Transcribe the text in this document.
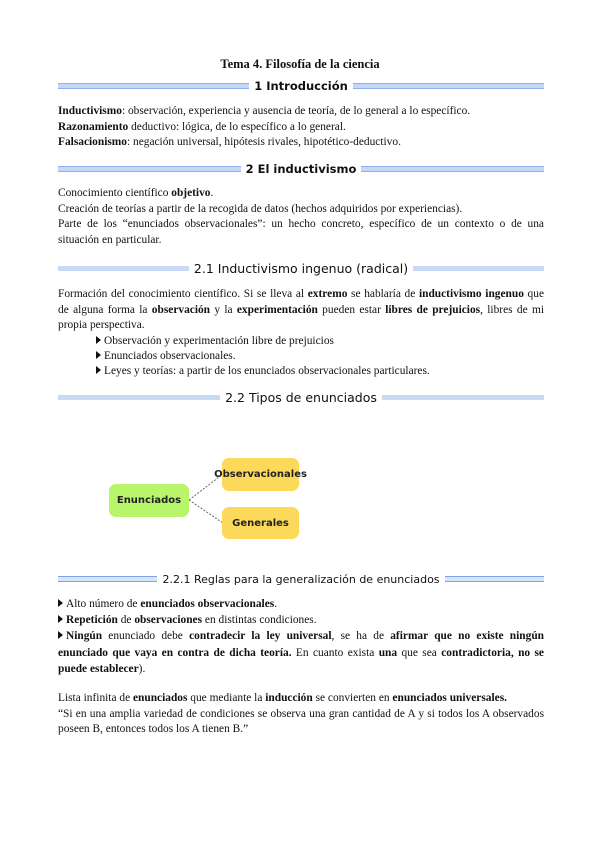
Tema 4. Filosofía de la ciencia
1 Introducción

Inductivismo: observación, experiencia y ausencia de teoría, de lo general a lo específico.

Razonamiento deductivo: lógica, de lo específico a lo general.

Falsacionismo: negación universal, hipótesis rivales, hipotético-deductivo.

2 El inductivismo

Conocimiento científico objetivo.

Creación de teorías a partir de la recogida de datos (hechos adquiridos por experiencias).

Parte de los “enunciados observacionales”: un hecho concreto, específico de un contexto o de una situación en particular.

2.1 Inductivismo ingenuo (radical)

Formación del conocimiento científico. Si se lleva al extremo se hablaría de inductivismo ingenuo que de alguna forma la observación y la experimentación pueden estar libres de prejuicios, libres de mi propia perspectiva.

Observación y experimentación libre de prejuicios
Enunciados observacionales.
Leyes y teorías: a partir de los enunciados observacionales particulares.
2.2 Tipos de enunciados
Enunciados
Observacionales
Generales
2.2.1 Reglas para la generalización de enunciados

Alto número de enunciados observacionales.

Repetición de observaciones en distintas condiciones.

Ningún enunciado debe contradecir la ley universal, se ha de afirmar que no existe ningún enunciado que vaya en contra de dicha teoría. En cuanto exista una que sea contradictoria, no se puede establecer).

Lista infinita de enunciados que mediante la inducción se convierten en enunciados universales.

“Si en una amplia variedad de condiciones se observa una gran cantidad de A y si todos los A observados poseen B, entonces todos los A tienen B.”
